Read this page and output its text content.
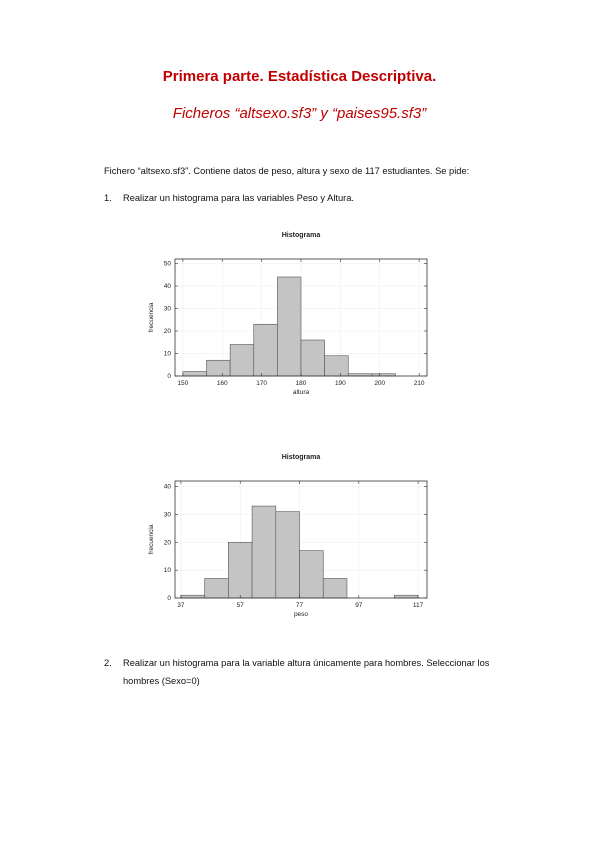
Primera parte. Estadística Descriptiva.
Ficheros “altsexo.sf3” y “paises95.sf3”
Fichero “altsexo.sf3”. Contiene datos de peso, altura y sexo de 117 estudiantes. Se pide:
1. Realizar un histograma para las variables Peso y Altura.
Histograma
0
10
20
30
40
50
150	160	170	180	190	200	210
altura
frecuencia
Histograma
0
10
20
30
40
37	57	77	97	117
peso
frecuencia
2. Realizar un histograma para la variable altura únicamente para hombres. Seleccionar los hombres (Sexo=0)
